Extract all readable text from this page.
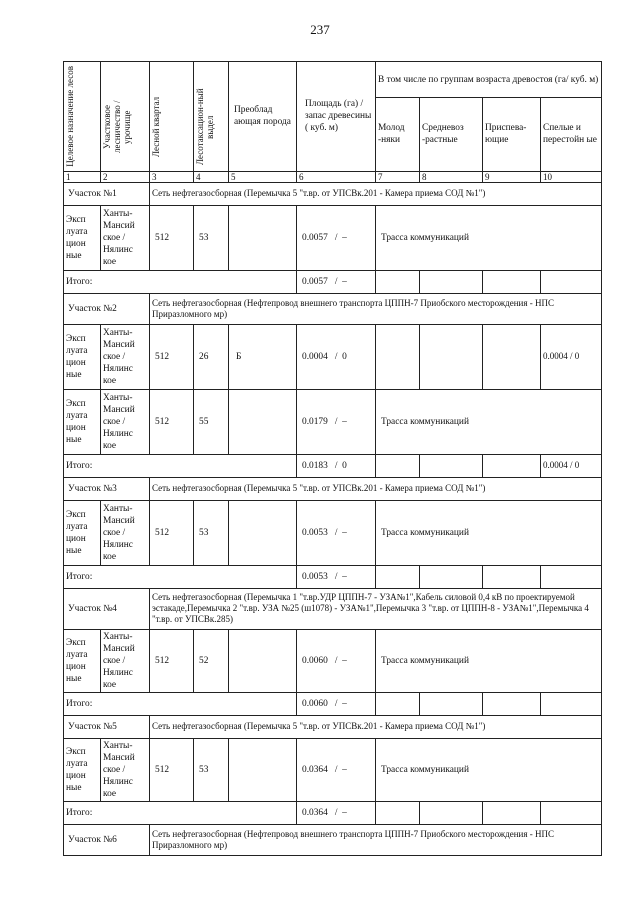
237
Целевое назначение лесов	Участковое лесничество / урочище	Лесной квартал	Лесотаксацион-ный выдел	Преоблад ающая порода	Площадь (га) / запас древесины ( куб. м)	В том числе по группам возраста древостоя (га/ куб. м)			
						Молод -няки	Средневоз -растные	Приспева- ющие	Спелые и перестойн ые
1	2	3	4	5	6	7	8	9	10
Участок №1		Сеть нефтегазосборная (Перемычка 5 "т.вр. от УПСВк.201 - Камера приема СОД №1")							
Эксп луата цион ные	Ханты-Мансий ское / Нялинс кое	512	53		0.0057   /  –	Трасса коммуникаций			
Итого:					0.0057   /  –				
Участок №2		Сеть нефтегазосборная (Нефтепровод внешнего транспорта ЦППН-7 Приобского месторождения - НПС Приразломного мр)							
Эксп луата цион ные	Ханты-Мансий ское / Нялинс кое	512	26	Б	0.0004   /  0				0.0004 / 0
Эксп луата цион ные	Ханты-Мансий ское / Нялинс кое	512	55		0.0179   /  –	Трасса коммуникаций			
Итого:					0.0183   /  0				0.0004 / 0
Участок №3		Сеть нефтегазосборная (Перемычка 5 "т.вр. от УПСВк.201 - Камера приема СОД №1")							
Эксп луата цион ные	Ханты-Мансий ское / Нялинс кое	512	53		0.0053   /  –	Трасса коммуникаций			
Итого:					0.0053   /  –				
Участок №4		Сеть нефтегазосборная (Перемычка 1 "т.вр.УДР ЦППН-7 - УЗА№1",Кабель силовой 0,4 кВ по проектируемой эстакаде,Перемычка 2 "т.вр. УЗА №25 (ш1078) - УЗА№1",Перемычка 3 "т.вр. от ЦППН-8 - УЗА№1",Перемычка 4 "т.вр. от УПСВк.285)							
Эксп луата цион ные	Ханты-Мансий ское / Нялинс кое	512	52		0.0060   /  –	Трасса коммуникаций			
Итого:					0.0060   /  –				
Участок №5		Сеть нефтегазосборная (Перемычка 5 "т.вр. от УПСВк.201 - Камера приема СОД №1")							
Эксп луата цион ные	Ханты-Мансий ское / Нялинс кое	512	53		0.0364   /  –	Трасса коммуникаций			
Итого:					0.0364   /  –				
Участок №6		Сеть нефтегазосборная (Нефтепровод внешнего транспорта ЦППН-7 Приобского месторождения - НПС Приразломного мр)							
